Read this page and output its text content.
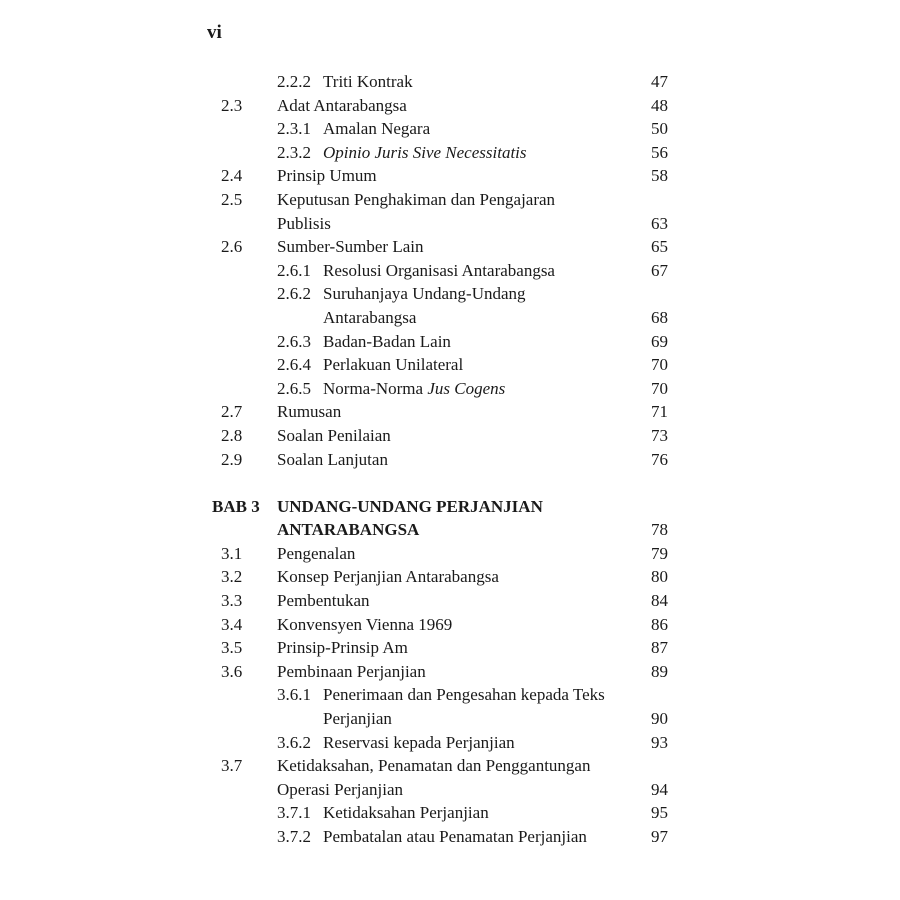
vi
2.2.2 Triti Kontrak	47
2.3 Adat Antarabangsa	48
2.3.1 Amalan Negara	50
2.3.2 Opinio Juris Sive Necessitatis	56
2.4 Prinsip Umum	58
2.5 Keputusan Penghakiman dan Pengajaran
Publisis	63
2.6 Sumber-Sumber Lain	65
2.6.1 Resolusi Organisasi Antarabangsa	67
2.6.2 Suruhanjaya Undang-Undang
Antarabangsa	68
2.6.3 Badan-Badan Lain	69
2.6.4 Perlakuan Unilateral	70
2.6.5 Norma-Norma Jus Cogens	70
2.7 Rumusan	71
2.8 Soalan Penilaian	73
2.9 Soalan Lanjutan	76
BAB 3 UNDANG-UNDANG PERJANJIAN
ANTARABANGSA	78
3.1 Pengenalan	79
3.2 Konsep Perjanjian Antarabangsa	80
3.3 Pembentukan	84
3.4 Konvensyen Vienna 1969	86
3.5 Prinsip-Prinsip Am	87
3.6 Pembinaan Perjanjian	89
3.6.1 Penerimaan dan Pengesahan kepada Teks
Perjanjian	90
3.6.2 Reservasi kepada Perjanjian	93
3.7 Ketidaksahan, Penamatan dan Penggantungan
Operasi Perjanjian	94
3.7.1 Ketidaksahan Perjanjian	95
3.7.2 Pembatalan atau Penamatan Perjanjian	97
